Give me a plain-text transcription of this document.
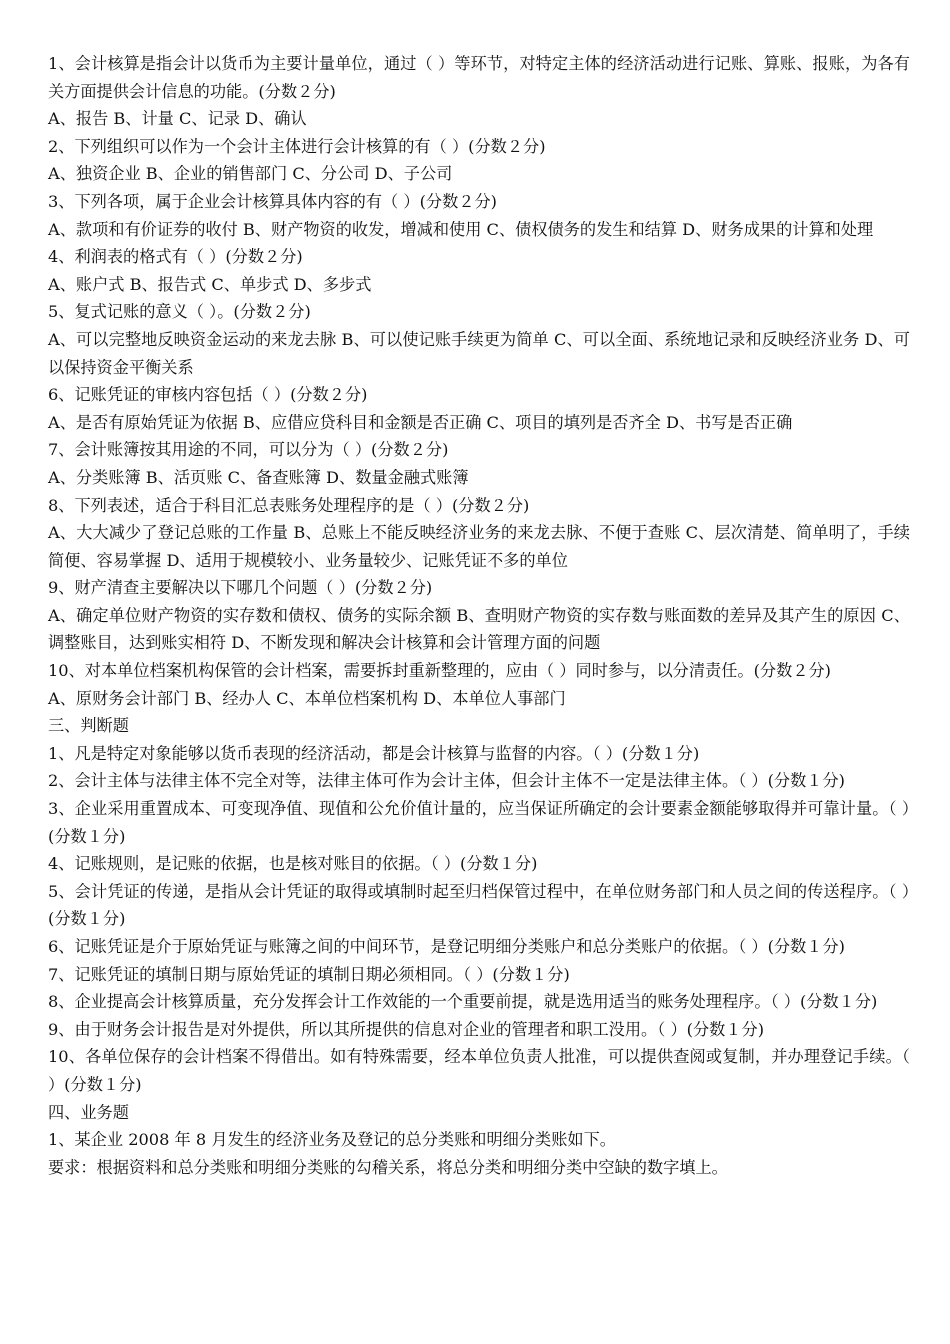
1、会计核算是指会计以货币为主要计量单位，通过（ ）等环节，对特定主体的经济活动进行记账、算账、报账，为各有关方面提供会计信息的功能。(分数２分)

A、报告 B、计量 C、记录 D、确认

2、下列组织可以作为一个会计主体进行会计核算的有（ ）(分数２分)

A、独资企业 B、企业的销售部门 C、分公司 D、子公司

3、下列各项，属于企业会计核算具体内容的有（ ）(分数２分)

A、款项和有价证券的收付 B、财产物资的收发，增减和使用 C、债权债务的发生和结算 D、财务成果的计算和处理

4、利润表的格式有（ ）(分数２分)

A、账户式 B、报告式 C、单步式 D、多步式

5、复式记账的意义（ ）。(分数２分)

A、可以完整地反映资金运动的来龙去脉 B、可以使记账手续更为简单 C、可以全面、系统地记录和反映经济业务 D、可以保持资金平衡关系

6、记账凭证的审核内容包括（ ）(分数２分)

A、是否有原始凭证为依据 B、应借应贷科目和金额是否正确 C、项目的填列是否齐全 D、书写是否正确

7、会计账簿按其用途的不同，可以分为（ ）(分数２分)

A、分类账簿 B、活页账 C、备查账簿 D、数量金融式账簿

8、下列表述，适合于科目汇总表账务处理程序的是（ ）(分数２分)

A、大大减少了登记总账的工作量 B、总账上不能反映经济业务的来龙去脉、不便于查账 C、层次清楚、简单明了，手续简便、容易掌握 D、适用于规模较小、业务量较少、记账凭证不多的单位

9、财产清查主要解决以下哪几个问题（ ）(分数２分)

A、确定单位财产物资的实存数和债权、债务的实际余额 B、查明财产物资的实存数与账面数的差异及其产生的原因 C、调整账目，达到账实相符 D、不断发现和解决会计核算和会计管理方面的问题

10、对本单位档案机构保管的会计档案，需要拆封重新整理的，应由（ ）同时参与，以分清责任。(分数２分)

A、原财务会计部门 B、经办人 C、本单位档案机构 D、本单位人事部门

三、判断题

1、凡是特定对象能够以货币表现的经济活动，都是会计核算与监督的内容。（ ）(分数１分)

2、会计主体与法律主体不完全对等，法律主体可作为会计主体，但会计主体不一定是法律主体。（ ）(分数１分)

3、企业采用重置成本、可变现净值、现值和公允价值计量的，应当保证所确定的会计要素金额能够取得并可靠计量。（ ）(分数１分)

4、记账规则，是记账的依据，也是核对账目的依据。（ ）(分数１分)

5、会计凭证的传递，是指从会计凭证的取得或填制时起至归档保管过程中，在单位财务部门和人员之间的传送程序。（ ）(分数１分)

6、记账凭证是介于原始凭证与账簿之间的中间环节，是登记明细分类账户和总分类账户的依据。（ ）(分数１分)

7、记账凭证的填制日期与原始凭证的填制日期必须相同。（ ）(分数１分)

8、企业提高会计核算质量，充分发挥会计工作效能的一个重要前提，就是选用适当的账务处理程序。（ ）(分数１分)

9、由于财务会计报告是对外提供，所以其所提供的信息对企业的管理者和职工没用。（ ）(分数１分)

10、各单位保存的会计档案不得借出。如有特殊需要，经本单位负责人批准，可以提供查阅或复制，并办理登记手续。（ ）(分数１分)

四、业务题

1、某企业 2008 年 8 月发生的经济业务及登记的总分类账和明细分类账如下。

要求：根据资料和总分类账和明细分类账的勾稽关系，将总分类和明细分类中空缺的数字填上。
